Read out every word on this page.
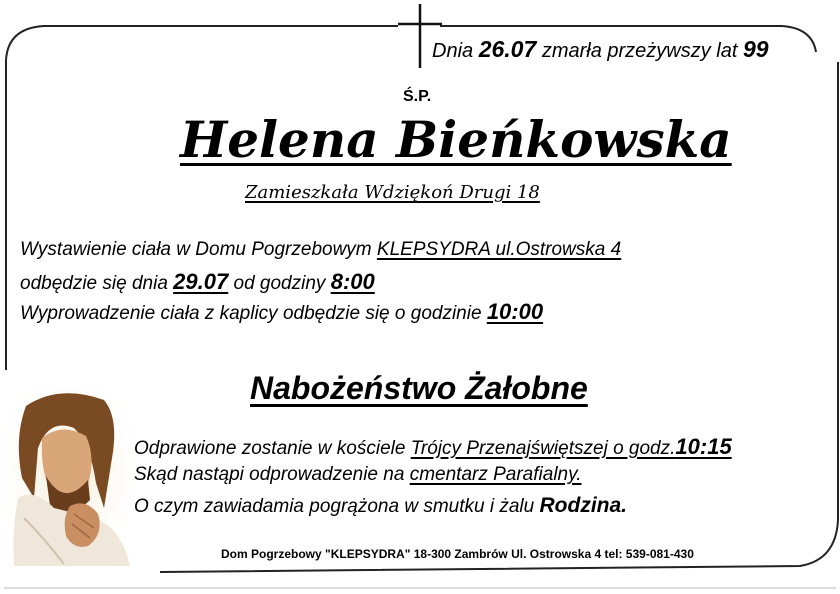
Dnia 26.07 zmarła przeżywszy lat 99
Ś.P.
Helena Bieńkowska
Zamieszkała Wdziękoń Drugi 18
Wystawienie ciała w Domu Pogrzebowym KLEPSYDRA ul.Ostrowska 4
odbędzie się dnia 29.07 od godziny 8:00
Wyprowadzenie ciała z kaplicy odbędzie się o godzinie 10:00
Nabożeństwo Żałobne
Odprawione zostanie w kościele Trójcy Przenajświętszej o godz.10:15
Skąd nastąpi odprowadzenie na cmentarz Parafialny.
O czym zawiadamia pogrążona w smutku i żalu Rodzina.
Dom Pogrzebowy "KLEPSYDRA" 18-300 Zambrów Ul. Ostrowska 4 tel: 539-081-430
